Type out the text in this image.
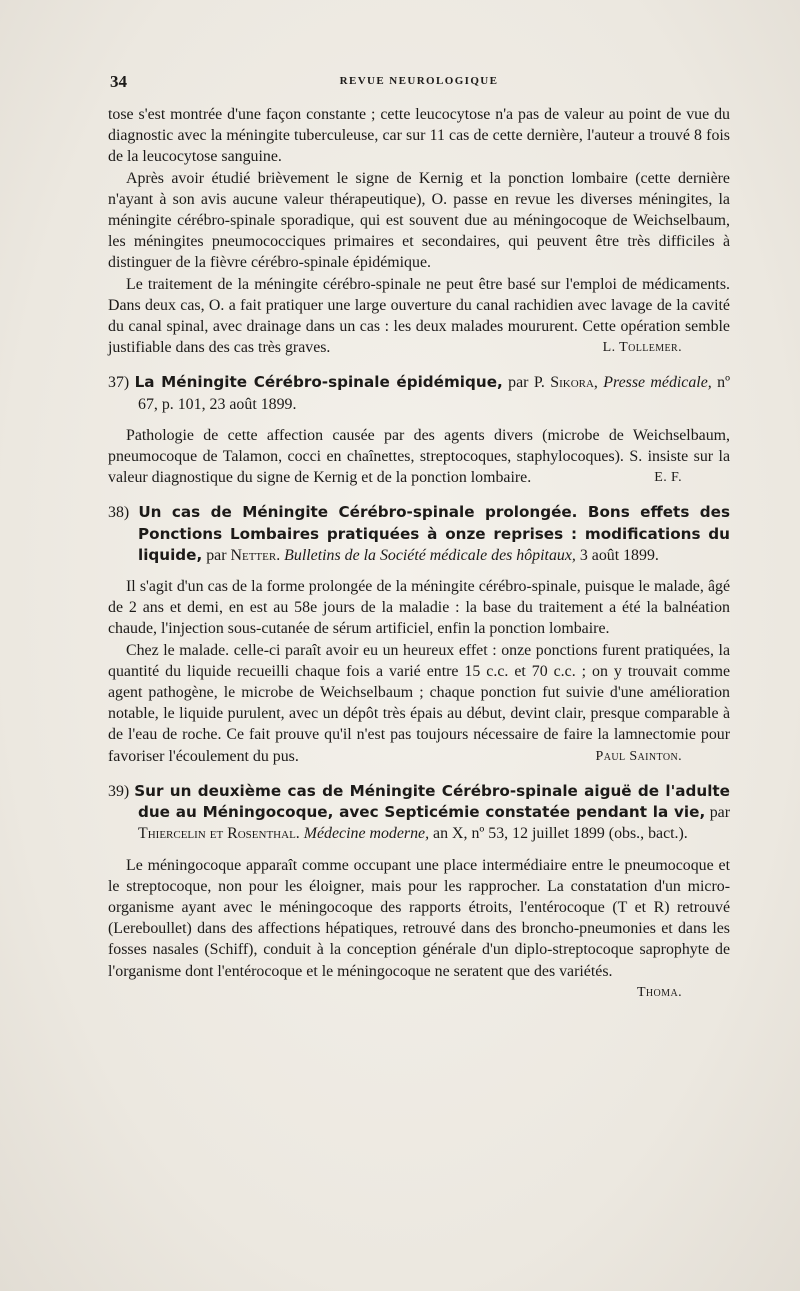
34	REVUE NEUROLOGIQUE

tose s'est montrée d'une façon constante ; cette leucocytose n'a pas de valeur au point de vue du diagnostic avec la méningite tuberculeuse, car sur 11 cas de cette dernière, l'auteur a trouvé 8 fois de la leucocytose sanguine.

Après avoir étudié brièvement le signe de Kernig et la ponction lombaire (cette dernière n'ayant à son avis aucune valeur thérapeutique), O. passe en revue les diverses méningites, la méningite cérébro-spinale sporadique, qui est souvent due au méningocoque de Weichselbaum, les méningites pneumococciques primaires et secondaires, qui peuvent être très difficiles à distinguer de la fièvre cérébro-spinale épidémique.

Le traitement de la méningite cérébro-spinale ne peut être basé sur l'emploi de médicaments. Dans deux cas, O. a fait pratiquer une large ouverture du canal rachidien avec lavage de la cavité du canal spinal, avec drainage dans un cas : les deux malades moururent. Cette opération semble justifiable dans des cas très graves.	L. Tollemer.

37) La Méningite Cérébro-spinale épidémique, par P. Sikora, Presse médicale, nº 67, p. 101, 23 août 1899.

Pathologie de cette affection causée par des agents divers (microbe de Weichselbaum, pneumocoque de Talamon, cocci en chaînettes, streptocoques, staphylocoques). S. insiste sur la valeur diagnostique du signe de Kernig et de la ponction lombaire.	E. F.

38) Un cas de Méningite Cérébro-spinale prolongée. Bons effets des Ponctions Lombaires pratiquées à onze reprises : modifications du liquide, par Netter. Bulletins de la Société médicale des hôpitaux, 3 août 1899.

Il s'agit d'un cas de la forme prolongée de la méningite cérébro-spinale, puisque le malade, âgé de 2 ans et demi, en est au 58e jours de la maladie : la base du traitement a été la balnéation chaude, l'injection sous-cutanée de sérum artificiel, enfin la ponction lombaire.

Chez le malade. celle-ci paraît avoir eu un heureux effet : onze ponctions furent pratiquées, la quantité du liquide recueilli chaque fois a varié entre 15 c.c. et 70 c.c. ; on y trouvait comme agent pathogène, le microbe de Weichselbaum ; chaque ponction fut suivie d'une amélioration notable, le liquide purulent, avec un dépôt très épais au début, devint clair, presque comparable à de l'eau de roche. Ce fait prouve qu'il n'est pas toujours nécessaire de faire la lamnectomie pour favoriser l'écoulement du pus.	Paul Sainton.

39) Sur un deuxième cas de Méningite Cérébro-spinale aiguë de l'adulte due au Méningocoque, avec Septicémie constatée pendant la vie, par Thiercelin et Rosenthal. Médecine moderne, an X, nº 53, 12 juillet 1899 (obs., bact.).

Le méningocoque apparaît comme occupant une place intermédiaire entre le pneumocoque et le streptocoque, non pour les éloigner, mais pour les rapprocher. La constatation d'un micro-organisme ayant avec le méningocoque des rapports étroits, l'entérocoque (T et R) retrouvé (Lereboullet) dans des affections hépatiques, retrouvé dans des broncho-pneumonies et dans les fosses nasales (Schiff), conduit à la conception générale d'un diplo-streptocoque saprophyte de l'organisme dont l'entérocoque et le méningocoque ne seratent que des variétés.

Thoma.
